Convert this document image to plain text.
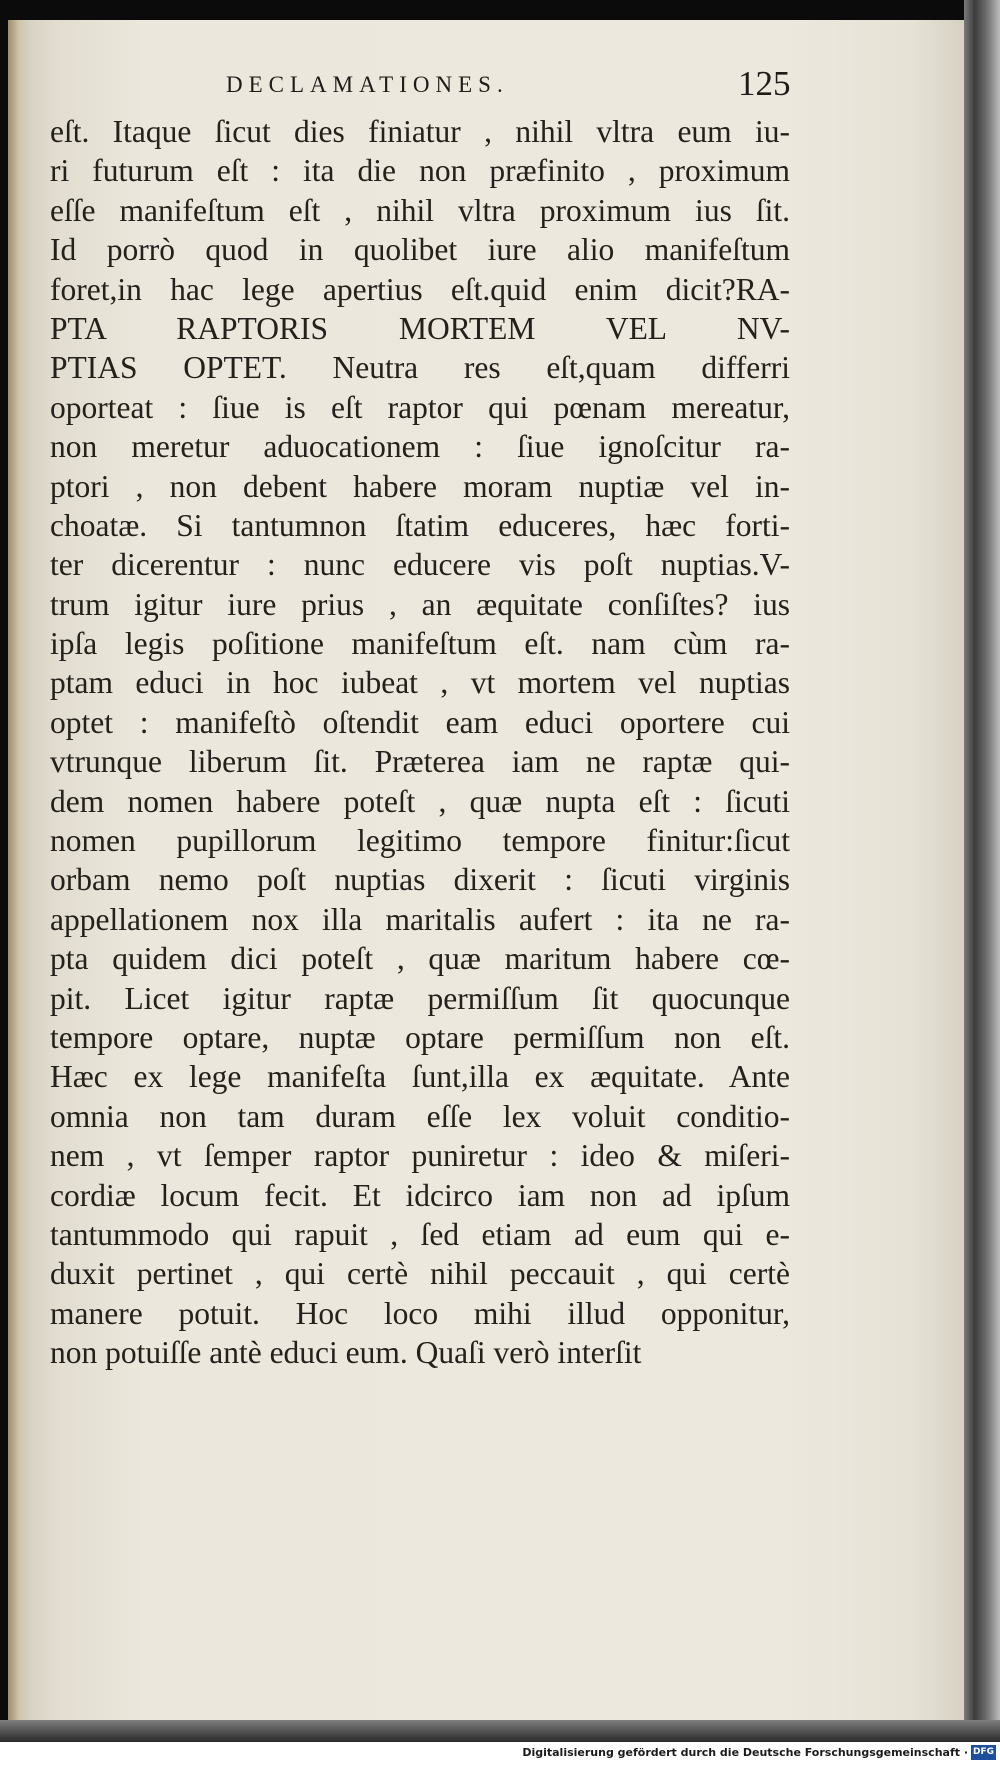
DECLAMATIONES.	125
eſt. Itaque ſicut dies finiatur , nihil vltra eum iu-
ri futurum eſt : ita die non præfinito , proximum
eſſe manifeſtum eſt , nihil vltra proximum ius ſit.
Id porrò quod in quolibet iure alio manifeſtum
foret,in hac lege apertius eſt.quid enim dicit?RA-
PTA RAPTORIS MORTEM VEL NV-
PTIAS OPTET. Neutra res eſt,quam differri
oporteat : ſiue is eſt raptor qui pœnam mereatur,
non meretur aduocationem : ſiue ignoſcitur ra-
ptori , non debent habere moram nuptiæ vel in-
choatæ. Si tantumnon ſtatim educeres, hæc forti-
ter dicerentur : nunc educere vis poſt nuptias.V-
trum igitur iure prius , an æquitate conſiſtes? ius
ipſa legis poſitione manifeſtum eſt. nam cùm ra-
ptam educi in hoc iubeat , vt mortem vel nuptias
optet : manifeſtò oſtendit eam educi oportere cui
vtrunque liberum ſit. Præterea iam ne raptæ qui-
dem nomen habere poteſt , quæ nupta eſt : ſicuti
nomen pupillorum legitimo tempore finitur:ſicut
orbam nemo poſt nuptias dixerit : ſicuti virginis
appellationem nox illa maritalis aufert : ita ne ra-
pta quidem dici poteſt , quæ maritum habere cœ-
pit. Licet igitur raptæ permiſſum ſit quocunque
tempore optare, nuptæ optare permiſſum non eſt.
Hæc ex lege manifeſta ſunt,illa ex æquitate. Ante
omnia non tam duram eſſe lex voluit conditio-
nem , vt ſemper raptor puniretur : ideo & miſeri-
cordiæ locum fecit. Et idcirco iam non ad ipſum
tantummodo qui rapuit , ſed etiam ad eum qui e-
duxit pertinet , qui certè nihil peccauit , qui certè
manere potuit. Hoc loco mihi illud opponitur,
non potuiſſe antè educi eum. Quaſi verò interſit
Digitalisierung gefördert durch die Deutsche Forschungsgemeinschaft · DFG
